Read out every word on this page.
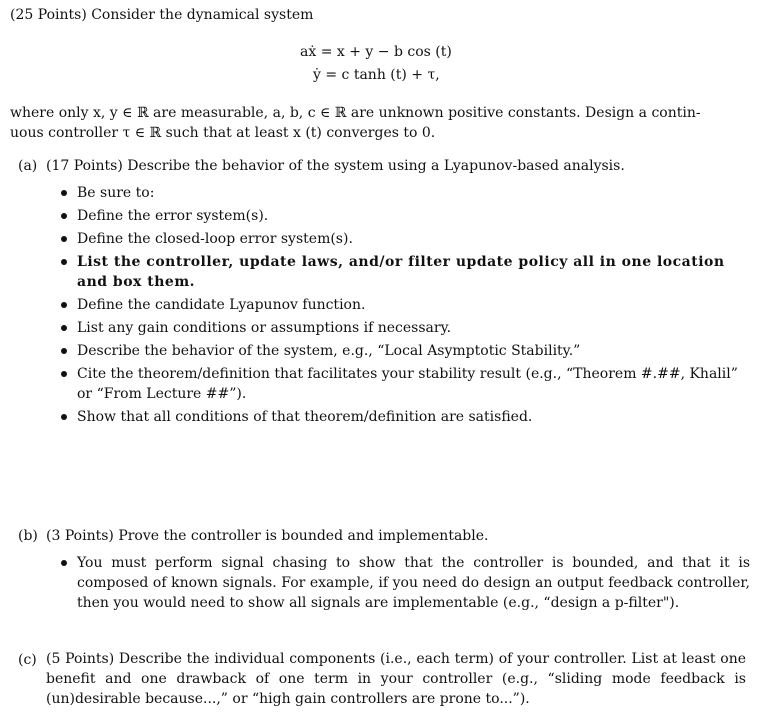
(25 Points) Consider the dynamical system
aẋ = x + y − b cos (t)
ẏ = c tanh (t) + τ,
where only x, y ∈ ℝ are measurable, a, b, c ∈ ℝ are unknown positive constants. Design a contin-
uous controller τ ∈ ℝ such that at least x (t) converges to 0.
(a) (17 Points) Describe the behavior of the system using a Lyapunov-based analysis.
Be sure to:
Define the error system(s).
Define the closed-loop error system(s).
List the controller, update laws, and/or filter update policy all in one location and box them.
Define the candidate Lyapunov function.
List any gain conditions or assumptions if necessary.
Describe the behavior of the system, e.g., “Local Asymptotic Stability.”
Cite the theorem/definition that facilitates your stability result (e.g., “Theorem #.##, Khalil” or “From Lecture ##”).
Show that all conditions of that theorem/definition are satisfied.
(b) (3 Points) Prove the controller is bounded and implementable.
You must perform signal chasing to show that the controller is bounded, and that it is composed of known signals. For example, if you need do design an output feedback controller, then you would need to show all signals are implementable (e.g., “design a p-filter").
(c) (5 Points) Describe the individual components (i.e., each term) of your controller. List at least one benefit and one drawback of one term in your controller (e.g., “sliding mode feedback is (un)desirable because...,” or “high gain controllers are prone to...”).
